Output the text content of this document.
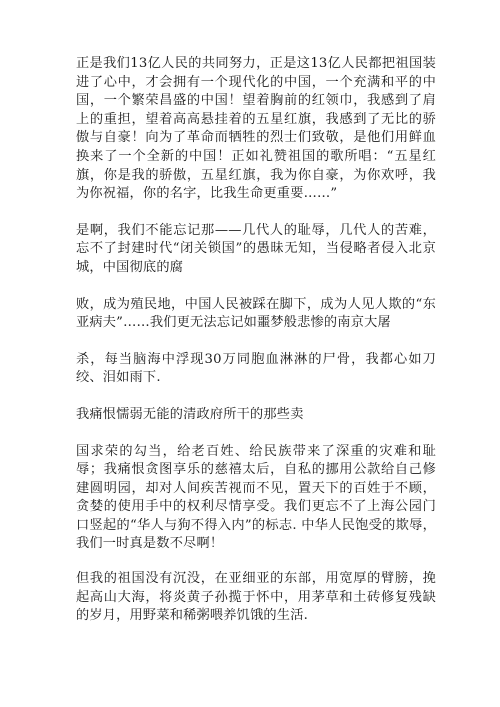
正是我们13亿人民的共同努力，正是这13亿人民都把祖国装进了心中，才会拥有一个现代化的中国，一个充满和平的中国，一个繁荣昌盛的中国！望着胸前的红领巾，我感到了肩上的重担，望着高高悬挂着的五星红旗，我感到了无比的骄傲与自豪！向为了革命而牺牲的烈士们致敬，是他们用鲜血换来了一个全新的中国！正如礼赞祖国的歌所唱：“五星红旗，你是我的骄傲，五星红旗，我为你自豪，为你欢呼，我为你祝福，你的名字，比我生命更重要……”

是啊，我们不能忘记那——几代人的耻辱，几代人的苦难，忘不了封建时代“闭关锁国”的愚昧无知，当侵略者侵入北京城，中国彻底的腐

败，成为殖民地，中国人民被踩在脚下，成为人见人欺的“东亚病夫”……我们更无法忘记如噩梦般悲惨的南京大屠

杀，每当脑海中浮现30万同胞血淋淋的尸骨，我都心如刀绞、泪如雨下.

我痛恨懦弱无能的清政府所干的那些卖

国求荣的勾当，给老百姓、给民族带来了深重的灾难和耻辱；我痛恨贪图享乐的慈禧太后，自私的挪用公款给自己修建圆明园，却对人间疾苦视而不见，置天下的百姓于不顾，贪婪的使用手中的权利尽情享受。我们更忘不了上海公园门口竖起的“华人与狗不得入内”的标志. 中华人民饱受的欺辱，我们一时真是数不尽啊！

但我的祖国没有沉没，在亚细亚的东部，用宽厚的臂膀，挽起高山大海，将炎黄子孙揽于怀中，用茅草和土砖修复残缺的岁月，用野菜和稀粥喂养饥饿的生活.
